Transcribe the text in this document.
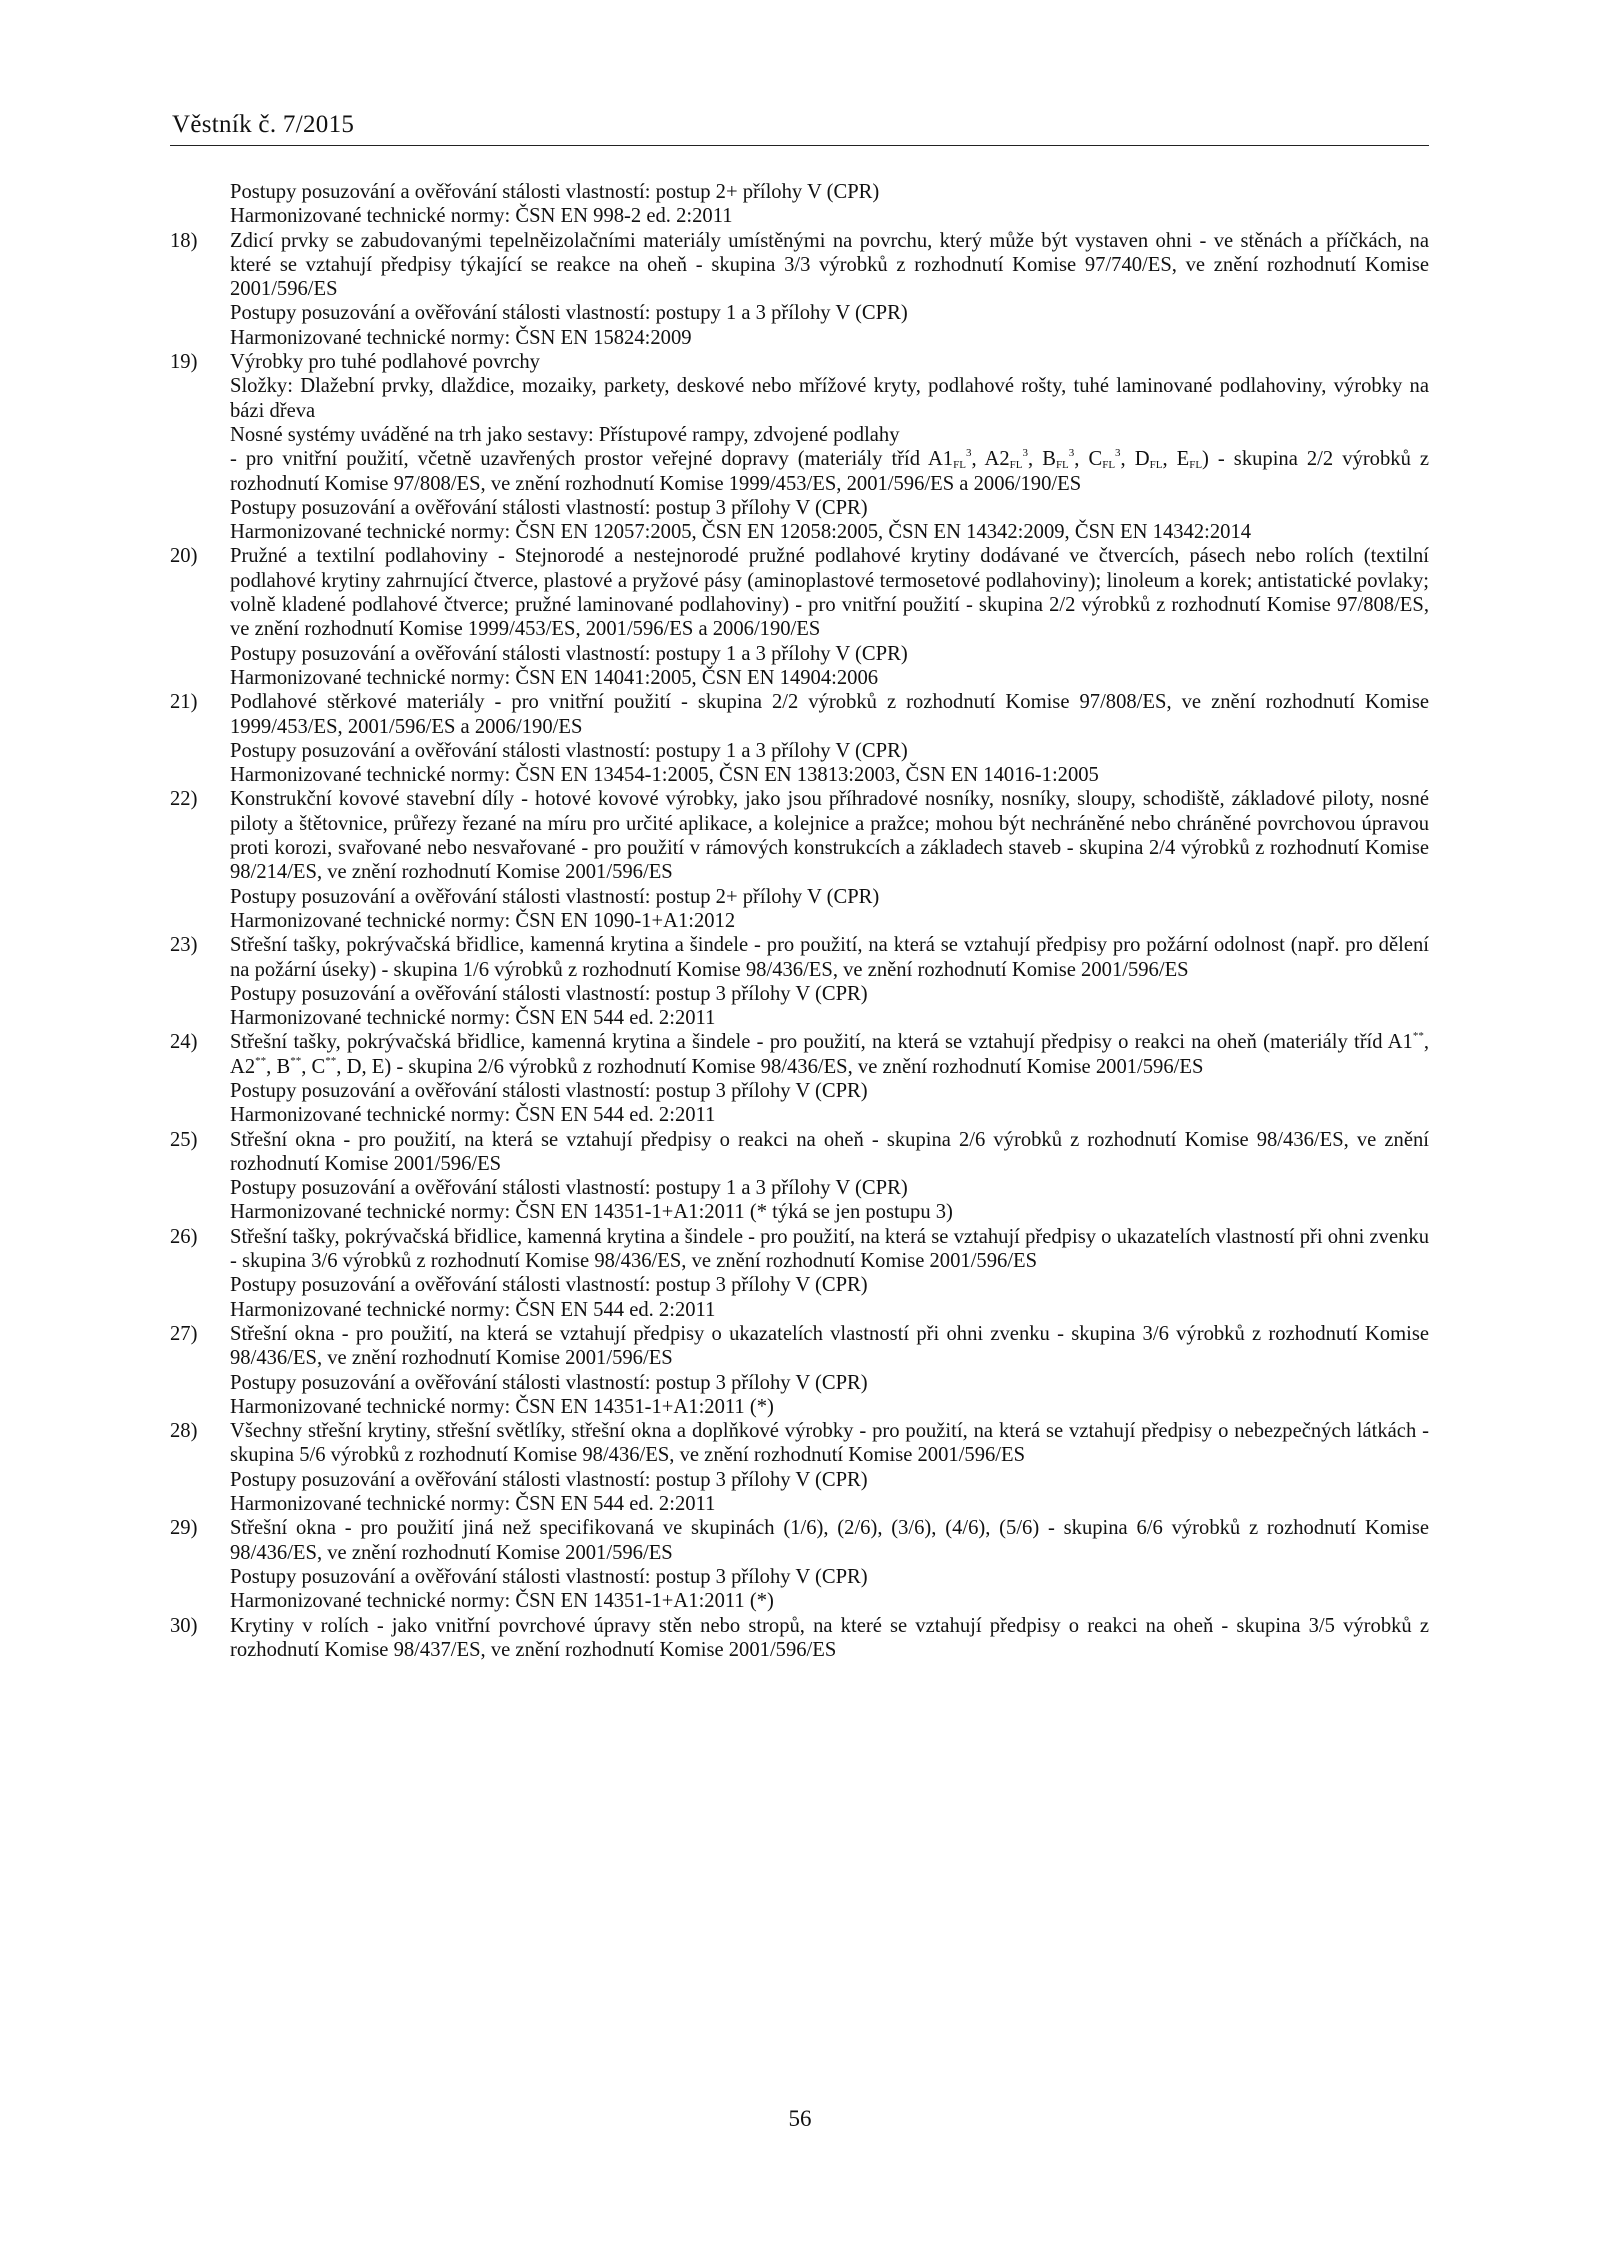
Věstník č. 7/2015
Postupy posuzování a ověřování stálosti vlastností: postup 2+ přílohy V (CPR)
Harmonizované technické normy: ČSN EN 998-2 ed. 2:2011
18)	Zdicí prvky se zabudovanými tepelněizolačními materiály umístěnými na povrchu, který může být vystaven ohni - ve stěnách a příčkách, na které se vztahují předpisy týkající se reakce na oheň - skupina 3/3 výrobků z rozhodnutí Komise 97/740/ES, ve znění rozhodnutí Komise 2001/596/ES
Postupy posuzování a ověřování stálosti vlastností: postupy 1 a 3 přílohy V (CPR)
Harmonizované technické normy: ČSN EN 15824:2009
19)	Výrobky pro tuhé podlahové povrchy
Složky: Dlažební prvky, dlaždice, mozaiky, parkety, deskové nebo mřížové kryty, podlahové rošty, tuhé laminované podlahoviny, výrobky na bázi dřeva
Nosné systémy uváděné na trh jako sestavy: Přístupové rampy, zdvojené podlahy
- pro vnitřní použití, včetně uzavřených prostor veřejné dopravy (materiály tříd $A1_{FL}^3$, $A2_{FL}^3$, $B_{FL}^3$, $C_{FL}^3$, $D_{FL}$, $E_{FL}$) - skupina 2/2 výrobků z rozhodnutí Komise 97/808/ES, ve znění rozhodnutí Komise 1999/453/ES, 2001/596/ES a 2006/190/ES
Postupy posuzování a ověřování stálosti vlastností: postup 3 přílohy V (CPR)
Harmonizované technické normy: ČSN EN 12057:2005, ČSN EN 12058:2005, ČSN EN 14342:2009, ČSN EN 14342:2014
20)	Pružné a textilní podlahoviny - Stejnorodé a nestejnorodé pružné podlahové krytiny dodávané ve čtvercích, pásech nebo rolích (textilní podlahové krytiny zahrnující čtverce, plastové a pryžové pásy (aminoplastové termosetové podlahoviny); linoleum a korek; antistatické povlaky; volně kladené podlahové čtverce; pružné laminované podlahoviny) - pro vnitřní použití - skupina 2/2 výrobků z rozhodnutí Komise 97/808/ES, ve znění rozhodnutí Komise 1999/453/ES, 2001/596/ES a 2006/190/ES
Postupy posuzování a ověřování stálosti vlastností: postupy 1 a 3 přílohy V (CPR)
Harmonizované technické normy: ČSN EN 14041:2005, ČSN EN 14904:2006
21)	Podlahové stěrkové materiály - pro vnitřní použití - skupina 2/2 výrobků z rozhodnutí Komise 97/808/ES, ve znění rozhodnutí Komise 1999/453/ES, 2001/596/ES a 2006/190/ES
Postupy posuzování a ověřování stálosti vlastností: postupy 1 a 3 přílohy V (CPR)
Harmonizované technické normy: ČSN EN 13454-1:2005, ČSN EN 13813:2003, ČSN EN 14016-1:2005
22)	Konstrukční kovové stavební díly - hotové kovové výrobky, jako jsou příhradové nosníky, nosníky, sloupy, schodiště, základové piloty, nosné piloty a štětovnice, průřezy řezané na míru pro určité aplikace, a kolejnice a pražce; mohou být nechráněné nebo chráněné povrchovou úpravou proti korozi, svařované nebo nesvařované - pro použití v rámových konstrukcích a základech staveb - skupina 2/4 výrobků z rozhodnutí Komise 98/214/ES, ve znění rozhodnutí Komise 2001/596/ES
Postupy posuzování a ověřování stálosti vlastností: postup 2+ přílohy V (CPR)
Harmonizované technické normy: ČSN EN 1090-1+A1:2012
23)	Střešní tašky, pokrývačská břidlice, kamenná krytina a šindele - pro použití, na která se vztahují předpisy pro požární odolnost (např. pro dělení na požární úseky) - skupina 1/6 výrobků z rozhodnutí Komise 98/436/ES, ve znění rozhodnutí Komise 2001/596/ES
Postupy posuzování a ověřování stálosti vlastností: postup 3 přílohy V (CPR)
Harmonizované technické normy: ČSN EN 544 ed. 2:2011
24)	Střešní tašky, pokrývačská břidlice, kamenná krytina a šindele - pro použití, na která se vztahují předpisy o reakci na oheň (materiály tříd A1**, A2**, B**, C**, D, E) - skupina 2/6 výrobků z rozhodnutí Komise 98/436/ES, ve znění rozhodnutí Komise 2001/596/ES
Postupy posuzování a ověřování stálosti vlastností: postup 3 přílohy V (CPR)
Harmonizované technické normy: ČSN EN 544 ed. 2:2011
25)	Střešní okna - pro použití, na která se vztahují předpisy o reakci na oheň - skupina 2/6 výrobků z rozhodnutí Komise 98/436/ES, ve znění rozhodnutí Komise 2001/596/ES
Postupy posuzování a ověřování stálosti vlastností: postupy 1 a 3 přílohy V (CPR)
Harmonizované technické normy: ČSN EN 14351-1+A1:2011 (* týká se jen postupu 3)
26)	Střešní tašky, pokrývačská břidlice, kamenná krytina a šindele - pro použití, na která se vztahují předpisy o ukazatelích vlastností při ohni zvenku - skupina 3/6 výrobků z rozhodnutí Komise 98/436/ES, ve znění rozhodnutí Komise 2001/596/ES
Postupy posuzování a ověřování stálosti vlastností: postup 3 přílohy V (CPR)
Harmonizované technické normy: ČSN EN 544 ed. 2:2011
27)	Střešní okna - pro použití, na která se vztahují předpisy o ukazatelích vlastností při ohni zvenku - skupina 3/6 výrobků z rozhodnutí Komise 98/436/ES, ve znění rozhodnutí Komise 2001/596/ES
Postupy posuzování a ověřování stálosti vlastností: postup 3 přílohy V (CPR)
Harmonizované technické normy: ČSN EN 14351-1+A1:2011 (*)
28)	Všechny střešní krytiny, střešní světlíky, střešní okna a doplňkové výrobky - pro použití, na která se vztahují předpisy o nebezpečných látkách - skupina 5/6 výrobků z rozhodnutí Komise 98/436/ES, ve znění rozhodnutí Komise 2001/596/ES
Postupy posuzování a ověřování stálosti vlastností: postup 3 přílohy V (CPR)
Harmonizované technické normy: ČSN EN 544 ed. 2:2011
29)	Střešní okna - pro použití jiná než specifikovaná ve skupinách (1/6), (2/6), (3/6), (4/6), (5/6) - skupina 6/6 výrobků z rozhodnutí Komise 98/436/ES, ve znění rozhodnutí Komise 2001/596/ES
Postupy posuzování a ověřování stálosti vlastností: postup 3 přílohy V (CPR)
Harmonizované technické normy: ČSN EN 14351-1+A1:2011 (*)
30)	Krytiny v rolích - jako vnitřní povrchové úpravy stěn nebo stropů, na které se vztahují předpisy o reakci na oheň - skupina 3/5 výrobků z rozhodnutí Komise 98/437/ES, ve znění rozhodnutí Komise 2001/596/ES
56
